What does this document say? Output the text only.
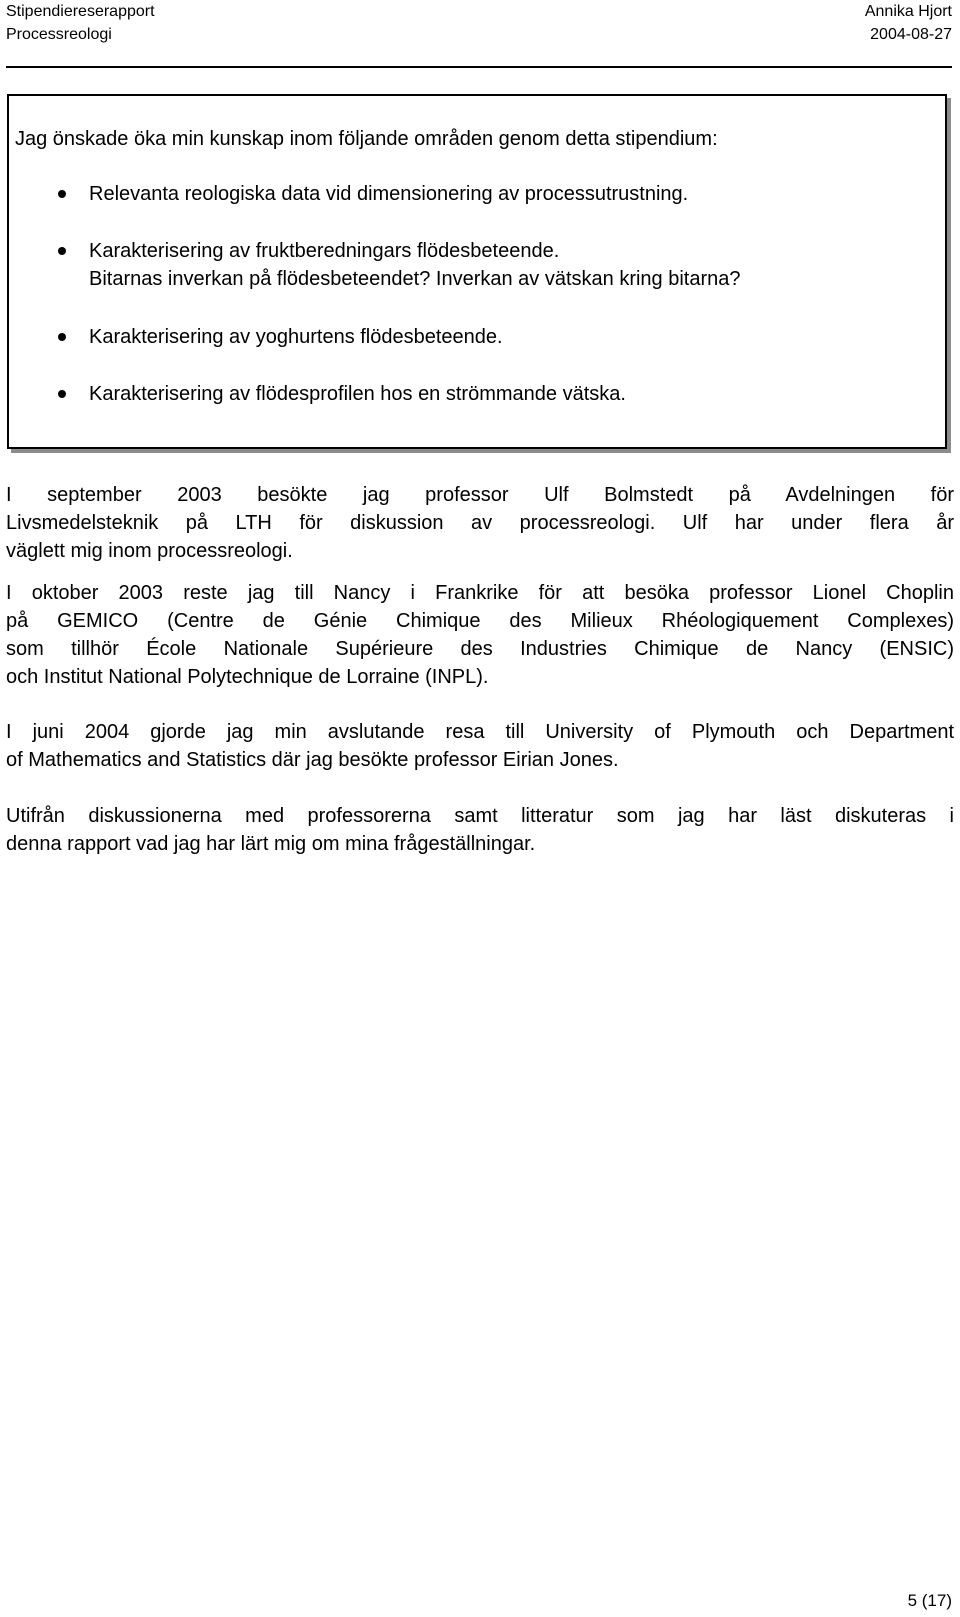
Stipendiereserapport	Annika Hjort
Processreologi	2004-08-27
Jag önskade öka min kunskap inom följande områden genom detta stipendium:
Relevanta reologiska data vid dimensionering av processutrustning.
Karakterisering av fruktberedningars flödesbeteende.
Bitarnas inverkan på flödesbeteendet? Inverkan av vätskan kring bitarna?
Karakterisering av yoghurtens flödesbeteende.
Karakterisering av flödesprofilen hos en strömmande vätska.
I september 2003 besökte jag professor Ulf Bolmstedt på Avdelningen för
Livsmedelsteknik på LTH för diskussion av processreologi. Ulf har under flera år
väglett mig inom processreologi.
I oktober 2003 reste jag till Nancy i Frankrike för att besöka professor Lionel Choplin
på GEMICO (Centre de Génie Chimique des Milieux Rhéologiquement Complexes)
som tillhör École Nationale Supérieure des Industries Chimique de Nancy (ENSIC)
och Institut National Polytechnique de Lorraine (INPL).
I juni 2004 gjorde jag min avslutande resa till University of Plymouth och Department
of Mathematics and Statistics där jag besökte professor Eirian Jones.
Utifrån diskussionerna med professorerna samt litteratur som jag har läst diskuteras i
denna rapport vad jag har lärt mig om mina frågeställningar.
5 (17)
